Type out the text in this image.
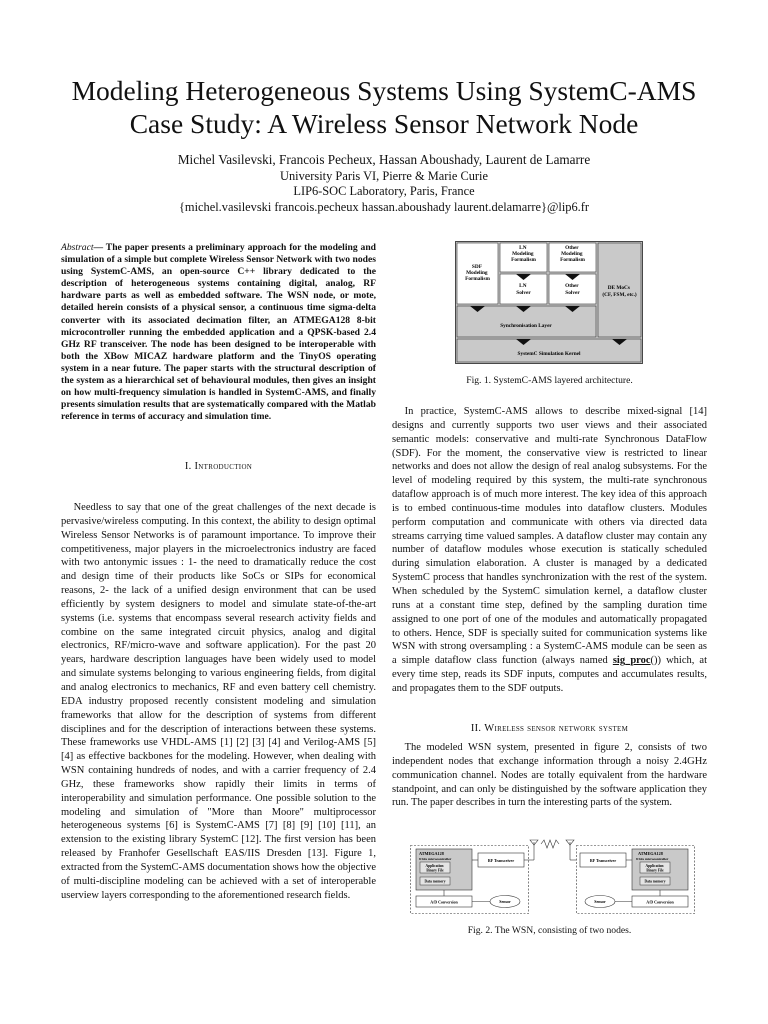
Modeling Heterogeneous Systems Using SystemC-AMS
Case Study: A Wireless Sensor Network Node
Michel Vasilevski, Francois Pecheux, Hassan Aboushady, Laurent de Lamarre
University Paris VI, Pierre & Marie Curie
LIP6-SOC Laboratory, Paris, France
{michel.vasilevski francois.pecheux hassan.aboushady laurent.delamarre}@lip6.fr
Abstract— The paper presents a preliminary approach for the modeling and simulation of a simple but complete Wireless Sensor Network with two nodes using SystemC-AMS, an open-source C++ library dedicated to the description of heterogeneous systems containing digital, analog, RF hardware parts as well as embedded software. The WSN node, or mote, detailed herein consists of a physical sensor, a continuous time sigma-delta converter with its associated decimation filter, an ATMEGA128 8-bit microcontroller running the embedded application and a QPSK-based 2.4 GHz RF transceiver. The node has been designed to be interoperable with both the XBow MICAZ hardware platform and the TinyOS operating system in a near future. The paper starts with the structural description of the system as a hierarchical set of behavioural modules, then gives an insight on how multi-frequency simulation is handled in SystemC-AMS, and finally presents simulation results that are systematically compared with the Matlab reference in terms of accuracy and simulation time.
I. Introduction

Needless to say that one of the great challenges of the next decade is pervasive/wireless computing. In this context, the ability to design optimal Wireless Sensor Networks is of paramount importance. To improve their competitiveness, major players in the microelectronics industry are faced with two antonymic issues : 1- the need to dramatically reduce the cost and design time of their products like SoCs or SIPs for economical reasons, 2- the lack of a unified design environment that can be used efficiently by system designers to model and simulate state-of-the-art systems (i.e. systems that encompass several research activity fields and combine on the same integrated circuit physics, analog and digital electronics, RF/micro-wave and software application). For the past 20 years, hardware description languages have been widely used to model and simulate systems belonging to various engineering fields, from digital and analog electronics to mechanics, RF and even battery cell chemistry. EDA industry proposed recently consistent modeling and simulation frameworks that allow for the description of systems from different disciplines and for the description of interactions between these systems. These frameworks use VHDL-AMS [1] [2] [3] [4] and Verilog-AMS [5] [4] as effective backbones for the modeling. However, when dealing with WSN containing hundreds of nodes, and with a carrier frequency of 2.4 GHz, these frameworks show rapidly their limits in terms of interoperability and simulation performance. One possible solution to the modeling and simulation of "More than Moore" multiprocessor heterogeneous systems [6] is SystemC-AMS [7] [8] [9] [10] [11], an extension to the existing library SystemC [12]. The first version has been released by Franhofer Gesellschaft EAS/IIS Dresden [13]. Figure 1, extracted from the SystemC-AMS documentation shows how the objective of multi-discipline modeling can be achieved with a set of interoperable userview layers corresponding to the aforementioned research fields.

SDF Modeling Formalism
LN Modeling Formalism
Other Modeling Formalism
LN Solver
Other Solver
DE MoCs (CF, FSM, etc.)
Synchronisation Layer
SystemC Simulation Kernel
Fig. 1. SystemC-AMS layered architecture.

In practice, SystemC-AMS allows to describe mixed-signal [14] designs and currently supports two user views and their associated semantic models: conservative and multi-rate Synchronous DataFlow (SDF). For the moment, the conservative view is restricted to linear networks and does not allow the design of real analog subsystems. For the level of modeling required by this system, the multi-rate synchronous dataflow approach is of much more interest. The key idea of this approach is to embed continuous-time modules into dataflow clusters. Modules perform computation and communicate with others via directed data streams carrying time valued samples. A dataflow cluster may contain any number of dataflow modules whose execution is statically scheduled during simulation elaboration. A cluster is managed by a dedicated SystemC process that handles synchronization with the rest of the system. When scheduled by the SystemC simulation kernel, a dataflow cluster runs at a constant time step, defined by the sampling duration time assigned to one port of one of the modules and automatically propagated to others. Hence, SDF is specially suited for communication systems like WSN with strong oversampling : a SystemC-AMS module can be seen as a simple dataflow class function (always named sig_proc()) which, at every time step, reads its SDF inputs, computes and accumulates results, and propagates them to the SDF outputs.

II. Wireless sensor network system

The modeled WSN system, presented in figure 2, consists of two independent nodes that exchange information through a noisy 2.4GHz communication channel. Nodes are totally equivalent from the hardware standpoint, and can only be distinguished by the software application they run. The paper describes in turn the interesting parts of the system.

ATMEGA128
8 bits microcontroller
Application Binary File
Data memory
RF Transceiver
A/D Conversion	Sensor
RF Transceiver
ATMEGA128
8 bits microcontroller
Application Binary File
Data memory
Sensor	A/D Conversion
Fig. 2. The WSN, consisting of two nodes.
